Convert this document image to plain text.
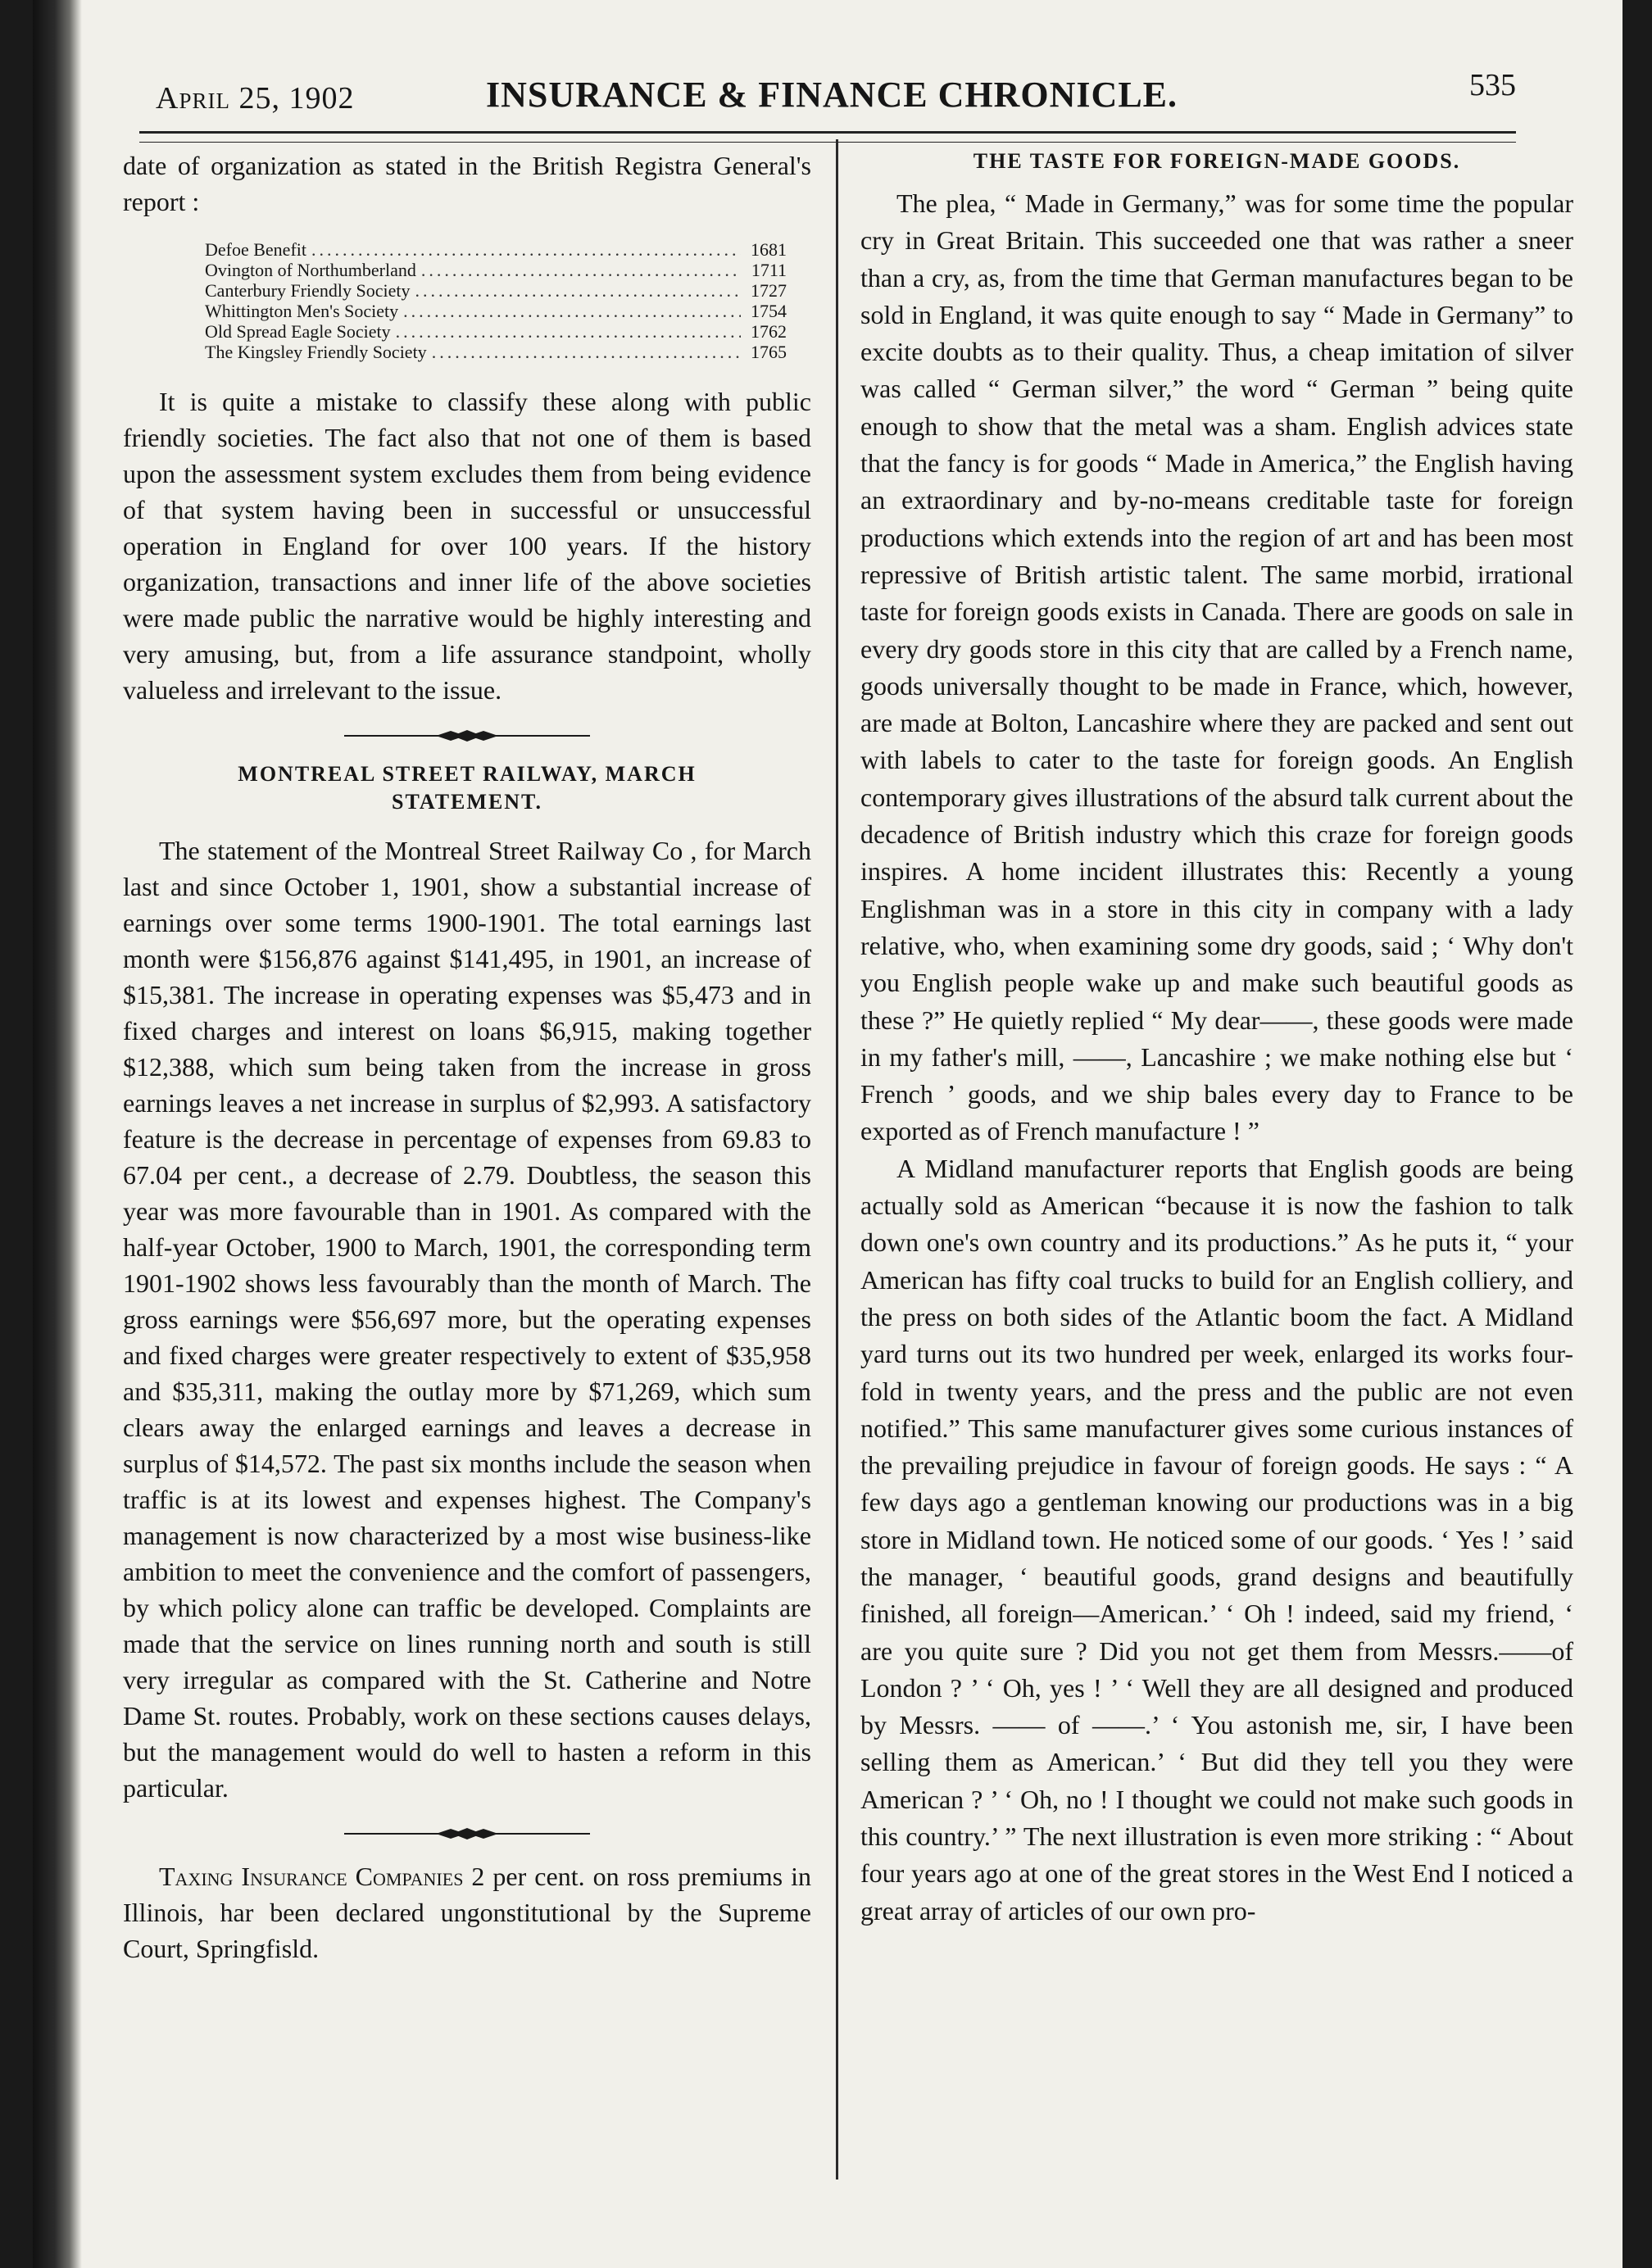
April 25, 1902	INSURANCE & FINANCE CHRONICLE.	535

date of organization as stated in the British Registra General's report :

Defoe Benefit .....	1681
Ovington of Northumberland .....	1711
Canterbury Friendly Society .....	1727
Whittington Men's Society .....	1754
Old Spread Eagle Society .....	1762
The Kingsley Friendly Society .....	1765

It is quite a mistake to classify these along with public friendly societies. The fact also that not one of them is based upon the assessment system excludes them from being evidence of that system having been in successful or unsuccessful operation in England for over 100 years. If the history organization, transactions and inner life of the above societies were made public the narrative would be highly interesting and very amusing, but, from a life assurance standpoint, wholly valueless and irrelevant to the issue.

MONTREAL STREET RAILWAY, MARCH
STATEMENT.

The statement of the Montreal Street Railway Co , for March last and since October 1, 1901, show a substantial increase of earnings over some terms 1900-1901. The total earnings last month were $156,876 against $141,495, in 1901, an increase of $15,381. The increase in operating expenses was $5,473 and in fixed charges and interest on loans $6,915, making together $12,388, which sum being taken from the increase in gross earnings leaves a net increase in surplus of $2,993. A satisfactory feature is the decrease in percentage of expenses from 69.83 to 67.04 per cent., a decrease of 2.79. Doubtless, the season this year was more favourable than in 1901. As compared with the half-year October, 1900 to March, 1901, the corresponding term 1901-1902 shows less favourably than the month of March. The gross earnings were $56,697 more, but the operating expenses and fixed charges were greater respectively to extent of $35,958 and $35,311, making the outlay more by $71,269, which sum clears away the enlarged earnings and leaves a decrease in surplus of $14,572. The past six months include the season when traffic is at its lowest and expenses highest. The Company's management is now characterized by a most wise business-like ambition to meet the convenience and the comfort of passengers, by which policy alone can traffic be developed. Complaints are made that the service on lines running north and south is still very irregular as compared with the St. Catherine and Notre Dame St. routes. Probably, work on these sections causes delays, but the management would do well to hasten a reform in this particular.

Taxing Insurance Companies 2 per cent. on ross premiums in Illinois, har been declared ungonstitutional by the Supreme Court, Springfisld.

THE TASTE FOR FOREIGN-MADE GOODS.

The plea, “ Made in Germany,” was for some time the popular cry in Great Britain. This succeeded one that was rather a sneer than a cry, as, from the time that German manufactures began to be sold in England, it was quite enough to say “ Made in Germany” to excite doubts as to their quality. Thus, a cheap imitation of silver was called “ German silver,” the word “ German ” being quite enough to show that the metal was a sham. English advices state that the fancy is for goods “ Made in America,” the English having an extraordinary and by-no-means creditable taste for foreign productions which extends into the region of art and has been most repressive of British artistic talent. The same morbid, irrational taste for foreign goods exists in Canada. There are goods on sale in every dry goods store in this city that are called by a French name, goods universally thought to be made in France, which, however, are made at Bolton, Lancashire where they are packed and sent out with labels to cater to the taste for foreign goods. An English contemporary gives illustrations of the absurd talk current about the decadence of British industry which this craze for foreign goods inspires. A home incident illustrates this: Recently a young Englishman was in a store in this city in company with a lady relative, who, when examining some dry goods, said ; ‘ Why don't you English people wake up and make such beautiful goods as these ?” He quietly replied “ My dear——, these goods were made in my father's mill, ——, Lancashire ; we make nothing else but ‘ French ’ goods, and we ship bales every day to France to be exported as of French manufacture ! ”

A Midland manufacturer reports that English goods are being actually sold as American “because it is now the fashion to talk down one's own country and its productions.” As he puts it, “ your American has fifty coal trucks to build for an English colliery, and the press on both sides of the Atlantic boom the fact. A Midland yard turns out its two hundred per week, enlarged its works four-fold in twenty years, and the press and the public are not even notified.” This same manufacturer gives some curious instances of the prevailing prejudice in favour of foreign goods. He says : “ A few days ago a gentleman knowing our productions was in a big store in Midland town. He noticed some of our goods. ‘ Yes ! ’ said the manager, ‘ beautiful goods, grand designs and beautifully finished, all foreign—American.’ ‘ Oh ! indeed, said my friend, ‘ are you quite sure ? Did you not get them from Messrs.——of London ? ’ ‘ Oh, yes ! ’ ‘ Well they are all designed and produced by Messrs. —— of ——.’ ‘ You astonish me, sir, I have been selling them as American.’ ‘ But did they tell you they were American ? ’ ‘ Oh, no ! I thought we could not make such goods in this country.’ ” The next illustration is even more striking : “ About four years ago at one of the great stores in the West End I noticed a great array of articles of our own pro-
